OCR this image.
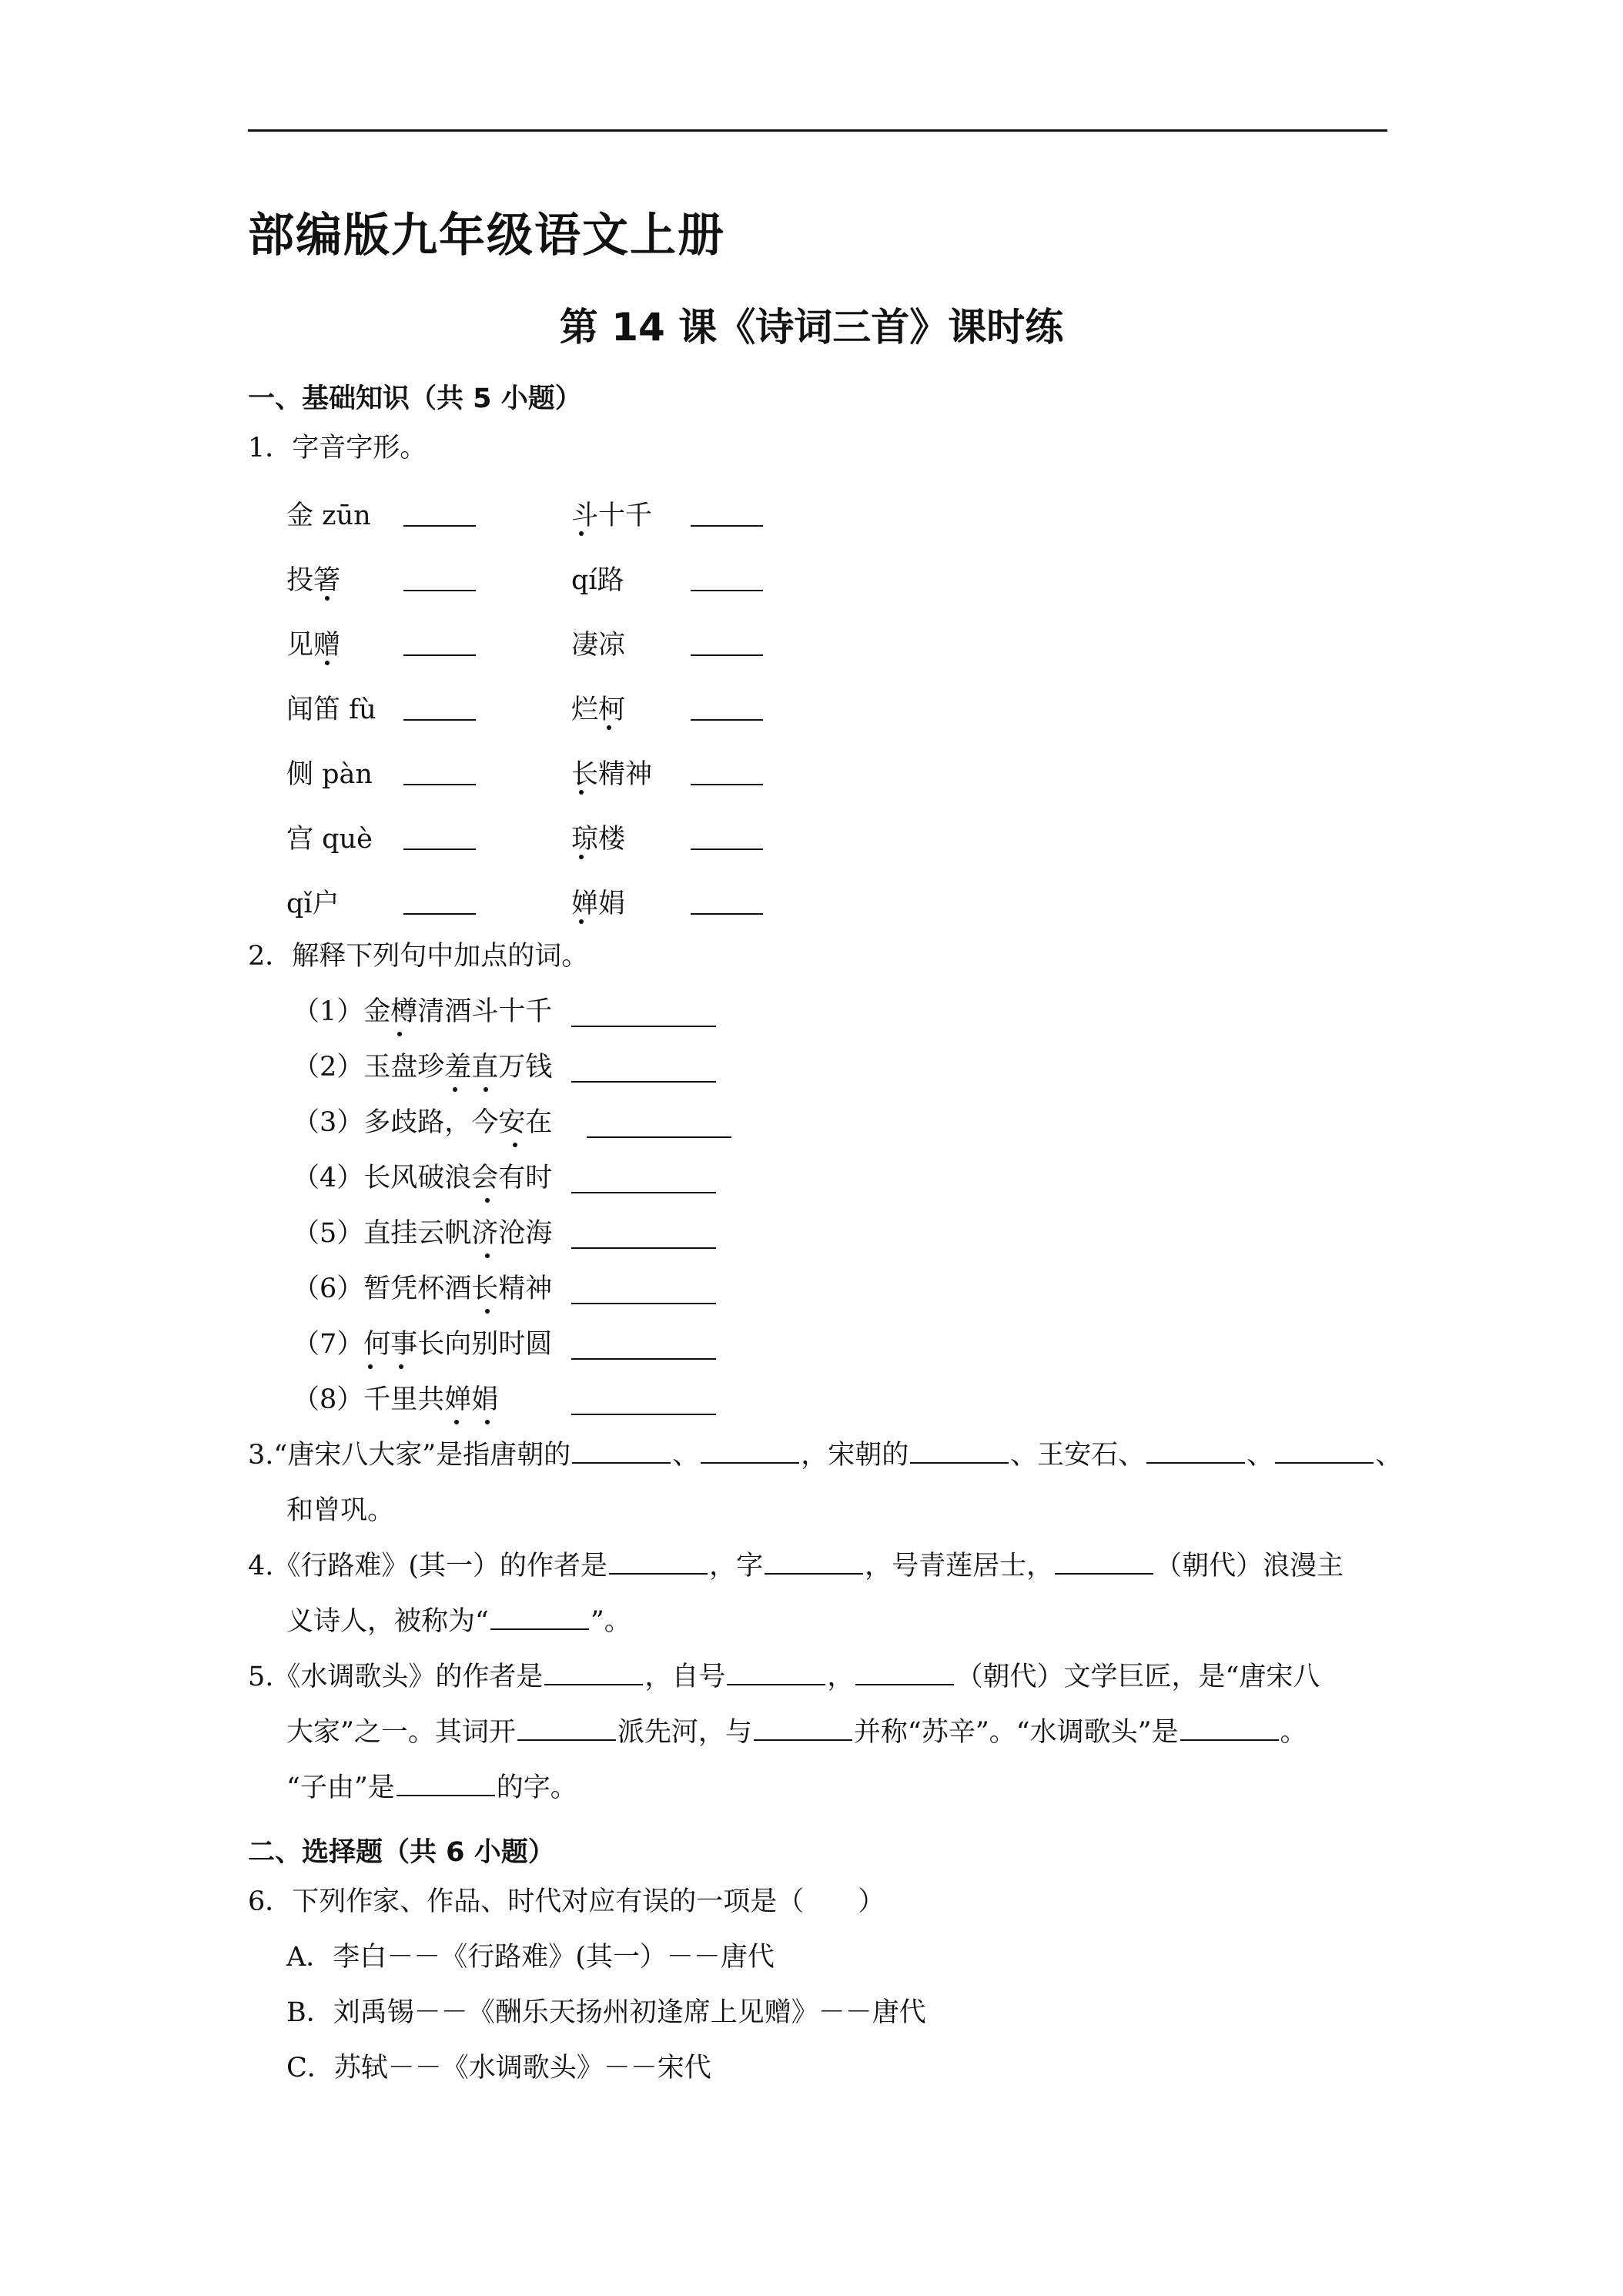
部编版九年级语文上册
第 14 课《诗词三首》课时练
一、基础知识（共 5 小题）
1．字音字形。
金 zūn	斗十千
投箸	qí路
见赠	凄凉
闻笛 fù	烂柯
侧 pàn	长精神
宫 què	琼楼
qǐ户	婵娟
2．解释下列句中加点的词。
（1）金樽清酒斗十千
（2）玉盘珍羞直万钱
（3）多歧路，今安在
（4）长风破浪会有时
（5）直挂云帆济沧海
（6）暂凭杯酒长精神
（7）何事长向别时圆
（8）千里共婵娟
3.“唐宋八大家”是指唐朝的	、	，宋朝的	、王安石、	、	、
和曾巩。
4.《行路难》(其一）的作者是	，字	，号青莲居士，	（朝代）浪漫主
义诗人，被称为“	”。
5.《水调歌头》的作者是	，自号	，	（朝代）文学巨匠，是“唐宋八
大家”之一。其词开	派先河，与	并称“苏辛”。“水调歌头”是	。
“子由”是	的字。
二、选择题（共 6 小题）
6．下列作家、作品、时代对应有误的一项是（　　）
A．李白－－《行路难》(其一）－－唐代
B．刘禹锡－－《酬乐天扬州初逢席上见赠》－－唐代
C．苏轼－－《水调歌头》－－宋代
